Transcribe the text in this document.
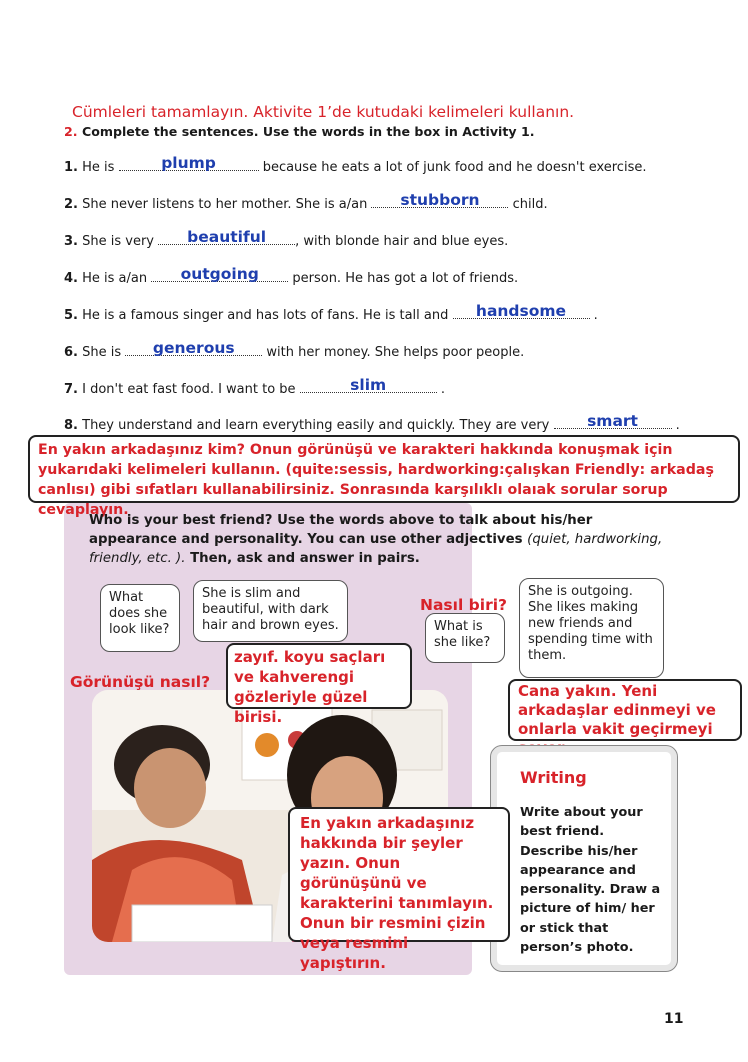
Cümleleri tamamlayın. Aktivite 1’de kutudaki kelimeleri kullanın.
2. Complete the sentences. Use the words in the box in Activity 1.
1. He is	plump	because he eats a lot of junk food and he doesn't exercise.
2. She never listens to her mother. She is a/an	stubborn	child.
3. She is very	beautiful	, with blonde hair and blue eyes.
4. He is a/an	outgoing	person. He has got a lot of friends.
5. He is a famous singer and has lots of fans. He is tall and	handsome	.
6. She is	generous	with her money. She helps poor people.
7. I don't eat fast food. I want to be	slim	.
8. They understand and learn everything easily and quickly. They are very	smart	.
En yakın arkadaşınız kim? Onun görünüşü ve karakteri hakkında konuşmak için yukarıdaki kelimeleri kullanın. (quite:sessis, hardworking:çalışkan Friendly: arkadaş canlısı) gibi sıfatları kullanabilirsiniz. Sonrasında karşılıklı olaıak sorular sorup cevaplayın.
Who is your best friend? Use the words above to talk about his/her appearance and personality. You can use other adjectives (quiet, hardworking, friendly, etc. ). Then, ask and answer in pairs.
What does she look like?
She is slim and beautiful, with dark hair and brown eyes.	What is she like?
She is outgoing. She likes making new friends and spending time with them.
Görünüşü nasıl?
Nasıl biri?
zayıf. koyu saçları ve kahverengi gözleriyle güzel birisi.
Cana yakın. Yeni arkadaşlar edinmeyi ve onlarla vakit geçirmeyi
Writing
Write about your best friend. Describe his/her appearance and personality. Draw a picture of him/ her or stick that person’s photo.
En yakın arkadaşınız hakkında bir şeyler yazın. Onun görünüşünü ve karakterini tanımlayın. Onun bir resmini çizin veya resmini yapıştırın.
11
